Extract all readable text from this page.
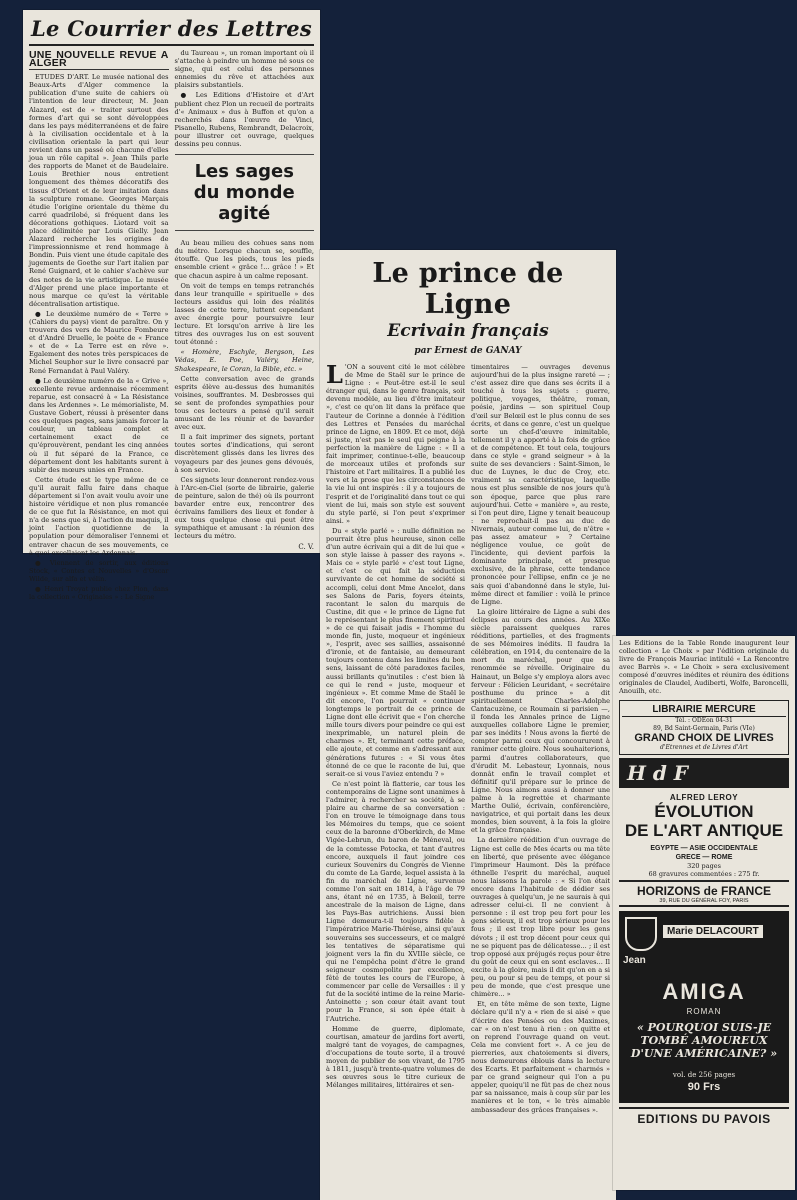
Le Courrier des Lettres
UNE NOUVELLE REVUE A ALGER

ETUDES D'ART. Le musée national des Beaux-Arts d'Alger commence la publication d'une suite de cahiers où l'intention de leur directeur, M. Jean Alazard, est de « traiter surtout des formes d'art qui se sont développées dans les pays méditerranéens et de faire à la civilisation occidentale et à la civilisation orientale la part qui leur revient dans un passé où chacune d'elles joua un rôle capital ». Jean Thils parle des rapports de Manet et de Baudelaire. Louis Brethier nous entretient longuement des thèmes décoratifs des tissus d'Orient et de leur imitation dans la sculpture romane. Georges Marçais étudie l'origine orientale du thème du carré quadrilobé, si fréquent dans les décorations gothiques. Liotard voit sa place délimitée par Louis Gielly. Jean Alazard recherche les origines de l'impressionnisme et rend hommage à Bondin. Puis vient une étude capitale des jugements de Goethe sur l'art italien par René Guignard, et le cahier s'achève sur des notes de la vie artistique. Le musée d'Alger prend une place importante et nous marque ce qu'est la véritable décentralisation artistique.

● Le deuxième numéro de « Terre » (Cahiers du pays) vient de paraître. On y trouvera des vers de Maurice Fombeure et d'André Druelle, le poète de « France » et de « La Terre est en rêve ». Egalement des notes très perspicaces de Michel Seuphor sur le livre consacré par René Fernandat à Paul Valéry.

● Le deuxième numéro de la « Grive », excellente revue ardennaise récemment reparue, est consacré à « La Résistance dans les Ardennes ». Le mémorialiste, M. Gustave Gobert, réussi à présenter dans ces quelques pages, sans jamais forcer la couleur, un tableau complet et certainement exact de ce qu'éprouvèrent, pendant les cinq années où il fut séparé de la France, ce département dont les habitants surent à subir des mœurs unies en France.

Cette étude est le type même de ce qu'il aurait fallu faire dans chaque département si l'on avait voulu avoir une histoire véridique et non plus romancée de ce que fut la Résistance, en mot qui n'a de sens que si, à l'action du maquis, il joint l'action quotidienne de la population pour démoraliser l'ennemi et entraver chacun de ses mouvements, ce à quoi excellaient les Ardennais.

● Viennent de sortir, aux éditions Stock, « Contes et Nouvelles » d'Oscar Wilde, sur alfa et vélin.

● Henri Troyat publie chez Plon, dans la collection « Originales » : Le Signe

du Taureau », un roman important où il s'attache à peindre un homme né sous ce signe, qui est celui des personnes ennemies du rêve et attachées aux plaisirs substantiels.

● Les Editions d'Histoire et d'Art publient chez Plon un recueil de portraits d'« Animaux » dus à Buffon et qu'on a recherchés dans l'œuvre de Vinci, Pisanello, Rubens, Rembrandt, Delacroix, pour illustrer cet ouvrage, quelques dessins peu connus.

Les sages
du monde agité

Au beau milieu des cohues sans nom du métro. Lorsque chacun se, souffle, étouffe. Que les pieds, tous les pieds ensemble crient « grâce !... grâce ! » Et que chacun aspire à un calme reposant.

On voit de temps en temps retranchés dans leur tranquille « spirituelle » des lecteurs assidus qui loin des réalités lasses de cette terre, luttent cependant avec énergie pour poursuivre leur lecture. Et lorsqu'on arrive à lire les titres des ouvrages lus on est souvent tout étonné :

« Homère, Eschyle, Bergson, Les Védas, E. Poe, Valéry, Heine, Shakespeare, le Coran, la Bible, etc. »

Cette conversation avec de grands esprits élève au-dessus des humanités voisines, souffrantes. M. Desbrosses qui se sent de profondes sympathies pour tous ces lecteurs a pensé qu'il serait amusant de les réunir et de bavarder avec eux.

Il a fait imprimer des signets, portant toutes sortes d'indications, qui seront discrètement glissés dans les livres des voyageurs par des jeunes gens dévoués, à son service.

Ces signets leur donneront rendez-vous à l'Arc-en-Ciel (sorte de librairie, galerie de peinture, salon de thé) où ils pourront bavarder entre eux, rencontrer des écrivains familiers des lieux et fonder à eux tous quelque chose qui peut être sympathique et amusant : la réunion des lecteurs du métro.

C. V.
Le prince de Ligne
Ecrivain français
par Ernest de GANAY
L 'ON a souvent cité le mot célèbre de Mme de Staël sur le prince de Ligne : « Peut-être est-il le seul étranger qui, dans le genre français, soit devenu modèle, au lieu d'être imitateur », c'est ce qu'on lit dans la préface que l'auteur de Corinne a donnée à l'édition des Lettres et Pensées du maréchal prince de Ligne, en 1809. Et ce mot, déjà si juste, n'est pas le seul qui peigne à la perfection la manière de Ligne : « Il a fait imprimer, continue-t-elle, beaucoup de morceaux utiles et profonds sur l'histoire et l'art militaires. Il a publié les vers et la prose que les circonstances de la vie lui ont inspirés : il y a toujours de l'esprit et de l'originalité dans tout ce qui vient de lui, mais son style est souvent du style parlé, si l'on peut s'exprimer ainsi. »

Du « style parlé » : nulle définition ne pourrait être plus heureuse, sinon celle d'un autre écrivain qui a dit de lui que « son style laisse à passer des rayons ». Mais ce « style parlé » c'est tout Ligne, et c'est ce qui fait la séduction survivante de cet homme de société si accompli, celui dont Mme Ancelot, dans ses Salons de Paris, foyers éteints, racontant le salon du marquis de Custine, dit que « le prince de Ligne fut le représentant le plus finement spirituel » de ce qui faisait jadis « l'homme du monde fin, juste, moqueur et ingénieux », l'esprit, avec ses saillies, assaisonné d'ironie, et de fantaisie, au demeurant toujours contenu dans les limites du bon sens, laissant de côté paradoxes faciles, aussi brillants qu'inutiles : c'est bien là ce qui le rend « juste, moqueur et ingénieux ». Et comme Mme de Staël le dit encore, l'on pourrait « continuer longtemps le portrait de ce prince de Ligne dont elle écrivit que « l'on cherche mille tours divers pour peindre ce qui est inexprimable, un naturel plein de charmes ». Et, terminant cette préface, elle ajoute, et comme en s'adressant aux générations futures : « Si vous êtes étonné de ce que le raconte de lui, que serait-ce si vous l'aviez entendu ? »

Ce n'est point là flatterie, car tous les contemporains de Ligne sont unanimes à l'admirer, à rechercher sa société, à se plaire au charme de sa conversation : l'on en trouve le témoignage dans tous les Mémoires du temps, que ce soient ceux de la baronne d'Oberkirch, de Mme Vigée-Lebrun, du baron de Méneval, ou de la comtesse Potocka, et tant d'autres encore, auxquels il faut joindre ces curieux Souvenirs du Congrès de Vienne du comte de La Garde, lequel assista à la fin du maréchal de Ligne, survenue comme l'on sait en 1814, à l'âge de 79 ans, étant né en 1735, à Belœil, terre ancestrale de la maison de Ligne, dans les Pays-Bas autrichiens. Aussi bien Ligne demeura-t-il toujours fidèle à l'impératrice Marie-Thérèse, ainsi qu'aux souverains ses successeurs, et ce malgré les tentatives de séparatisme qui joignent vers la fin du XVIIIe siècle, ce qui ne l'empêcha point d'être le grand seigneur cosmopolite par excellence, fêté de toutes les cours de l'Europe, à commencer par celle de Versailles : il y fut de la société intime de la reine Marie-Antoinette ; son cœur était avant tout pour la France, si son épée était à l'Autriche.

Homme de guerre, diplomate, courtisan, amateur de jardins fort averti, malgré tant de voyages, de campagnes, d'occupations de toute sorte, il a trouvé moyen de publier de son vivant, de 1795 à 1811, jusqu'à trente-quatre volumes de ses œuvres sous le titre curieux de Mélanges militaires, littéraires et sen-

timentaires — ouvrages devenus aujourd'hui de la plus insigne rareté — ; c'est assez dire que dans ses écrits il a touché à tous les sujets : guerre, politique, voyages, théâtre, roman, poésie, jardins — son spirituel Coup d'œil sur Belœil est le plus connu de ses écrits, et dans ce genre, c'est un quelque sorte un chef-d'œuvre inimitable, tellement il y a apporté à la fois de grâce et de compétence. Et tout cela, toujours dans ce style « grand seigneur » à la suite de ses devanciers : Saint-Simon, le duc de Luynes, le duc de Croy, etc. vraiment sa caractéristique, laquelle nous est plus sensible de nos jours qu'à son époque, parce que plus rare aujourd'hui. Cette « manière », au reste, si l'on peut dire, Ligne y tenait beaucoup : ne reprochait-il pas au duc de Nivernais, auteur comme lui, de n'être « pas assez amateur » ? Certaine négligence voulue, ce goût de l'incidente, qui devient parfois la dominante principale, et presque exclusive, de la phrase, cette tendance prononcée pour l'ellipse, enfin ce je ne sais quoi d'abandonné dans le style, lui-même direct et familier : voilà le prince de Ligne.

La gloire littéraire de Ligne a subi des éclipses au cours des années. Au XIXe siècle paraissent quelques rares rééditions, partielles, et des fragments de ses Mémoires inédits. Il faudra la célébration, en 1914, du centenaire de la mort du maréchal, pour que sa renommée se réveille. Originaire du Hainaut, un Belge s'y employa alors avec ferveur : Félicien Leuridant, « secrétaire posthume du prince » a dit spirituellement Charles-Adolphe Cantacuzène, ce Roumain si parisien —, il fonda les Annales prince de Ligne auxquelles collabore Ligne le premier, par ses inédits ! Nous avons la fierté de compter parmi ceux qui concoururent à ranimer cette gloire. Nous souhaiterions, parmi d'autres collaborateurs, que d'érudit M. Lebasteur, Lyonnais, nous donnât enfin le travail complet et définitif qu'il prépare sur le prince de Ligne. Nous aimons aussi à donner une palme à la regrettée et charmante Marthe Oulié, écrivain, conférencière, navigatrice, et qui portait dans les deux mondes, bien souvent, à la fois la gloire et la grâce française.

La dernière réédition d'un ouvrage de Ligne est celle de Mes écarts ou ma tête en liberté, que présente avec élégance l'imprimeur Haumont. Dès la préface éthnelle l'esprit du maréchal, auquel nous laissons la parole : « Si l'on était encore dans l'habitude de dédier ses ouvrages à quelqu'un, je ne saurais à qui adresser celui-ci. Il ne convient à personne : il est trop peu fort pour les gens sérieux, il est trop sérieux pour les fous ; il est trop libre pour les gens dévots ; il est trop décent pour ceux qui ne se piquent pas de délicatesse... ; il est trop opposé aux préjugés reçus pour être du goût de ceux qui en sont esclaves... Il excite à la gloire, mais il dit qu'on en a si peu, ou pour si peu de temps, et pour si peu de monde, que c'est presque une chimère... »

Et, en tête même de son texte, Ligne déclare qu'il n'y a « rien de si aisé » que d'écrire des Pensées ou des Maximes, car « on n'est tenu à rien : on quitte et on reprend l'ouvrage quand on veut. Cela me convient fort ». A ce jeu de pierreries, aux chatoiements si divers, nous demeurons éblouis dans la lecture des Ecarts. Et parfaitement « charmés » par ce grand seigneur qui l'on a pu appeler, quoiqu'il ne fût pas de chez nous par sa naissance, mais à coup sûr par les manières et le ton, « le très aimable ambassadeur des grâces françaises ».

Les Editions de la Table Ronde inaugurent leur collection « Le Choix » par l'édition originale du livre de François Mauriac intitulé « La Rencontre avec Barrès ». « Le Choix » sera exclusivement composé d'œuvres inédites et réunira des éditions originales de Claudel, Audiberti, Wolfe, Baroncelli, Anouilh, etc.
LIBRAIRIE MERCURE
Tél. : ODEon 04-31
89, Bd Saint-Germain, Paris (VIe)
GRAND CHOIX DE LIVRES
d'Etrennes et de Livres d'Art
H d F
ALFRED LEROY
ÉVOLUTION
DE L'ART ANTIQUE
EGYPTE — ASIE OCCIDENTALE
GRECE — ROME
320 pages
68 gravures commentées : 275 fr.
HORIZONS de FRANCE
39, RUE DU GÉNÉRAL FOY, PARIS
Marie DELACOURT
Jean
AMIGA
ROMAN
« POURQUOI SUIS-JE TOMBÉ AMOUREUX D'UNE AMÉRICAINE? »
vol. de 256 pages
90 Frs
EDITIONS DU PAVOIS
